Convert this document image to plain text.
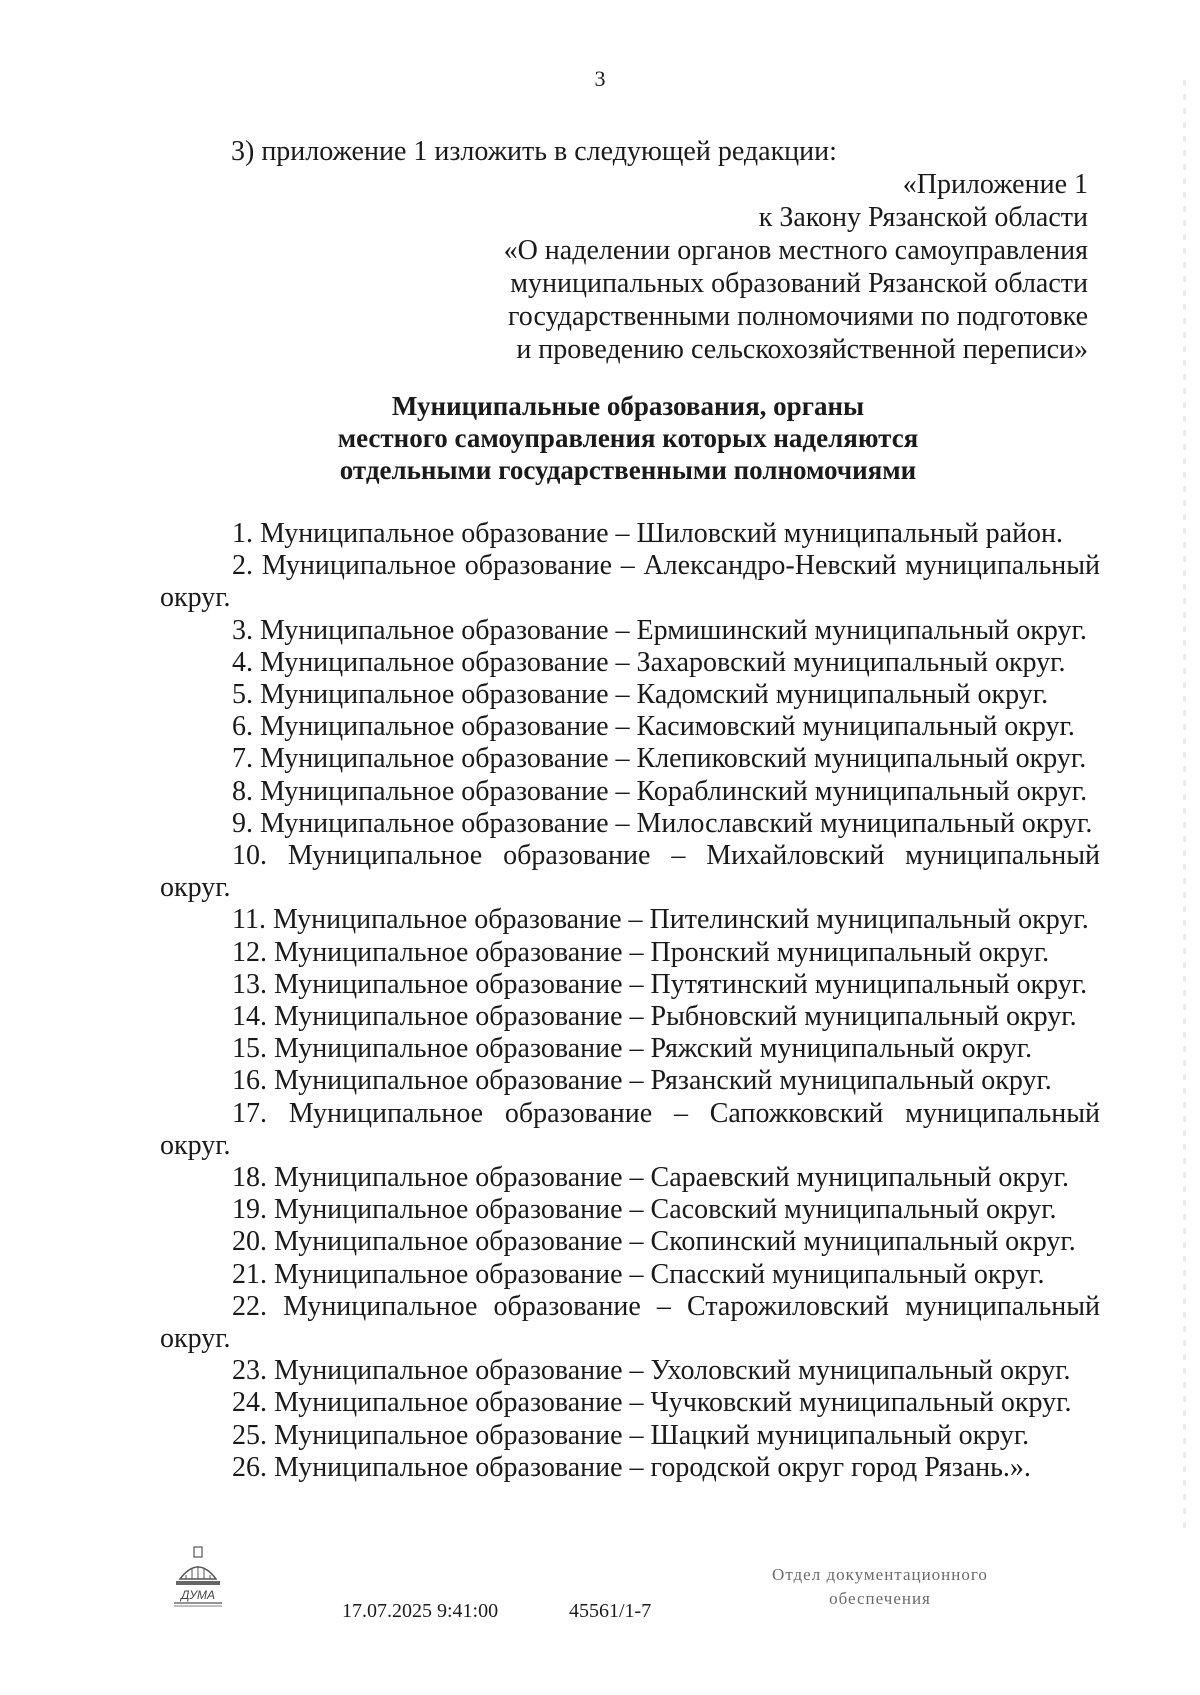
3
3) приложение 1 изложить в следующей редакции:
«Приложение 1
к Закону Рязанской области
«О наделении органов местного самоуправления
муниципальных образований Рязанской области
государственными полномочиями по подготовке
и проведению сельскохозяйственной переписи»
Муниципальные образования, органы
местного самоуправления которых наделяются
отдельными государственными полномочиями
1. Муниципальное образование – Шиловский муниципальный район.
2. Муниципальное образование – Александро-Невский муниципальный округ.
3. Муниципальное образование – Ермишинский муниципальный округ.
4. Муниципальное образование – Захаровский муниципальный округ.
5. Муниципальное образование – Кадомский муниципальный округ.
6. Муниципальное образование – Касимовский муниципальный округ.
7. Муниципальное образование – Клепиковский муниципальный округ.
8. Муниципальное образование – Кораблинский муниципальный округ.
9. Муниципальное образование – Милославский муниципальный округ.
10. Муниципальное образование – Михайловский муниципальный
округ.
11. Муниципальное образование – Пителинский муниципальный округ.
12. Муниципальное образование – Пронский муниципальный округ.
13. Муниципальное образование – Путятинский муниципальный округ.
14. Муниципальное образование – Рыбновский муниципальный округ.
15. Муниципальное образование – Ряжский муниципальный округ.
16. Муниципальное образование – Рязанский муниципальный округ.
17. Муниципальное образование – Сапожковский муниципальный
округ.
18. Муниципальное образование – Сараевский муниципальный округ.
19. Муниципальное образование – Сасовский муниципальный округ.
20. Муниципальное образование – Скопинский муниципальный округ.
21. Муниципальное образование – Спасский муниципальный округ.
22. Муниципальное образование – Старожиловский муниципальный
округ.
23. Муниципальное образование – Ухоловский муниципальный округ.
24. Муниципальное образование – Чучковский муниципальный округ.
25. Муниципальное образование – Шацкий муниципальный округ.
26. Муниципальное образование – городской округ город Рязань.».
ДУМА
17.07.2025 9:41:00	45561/1-7
Отдел документационного
обеспечения
